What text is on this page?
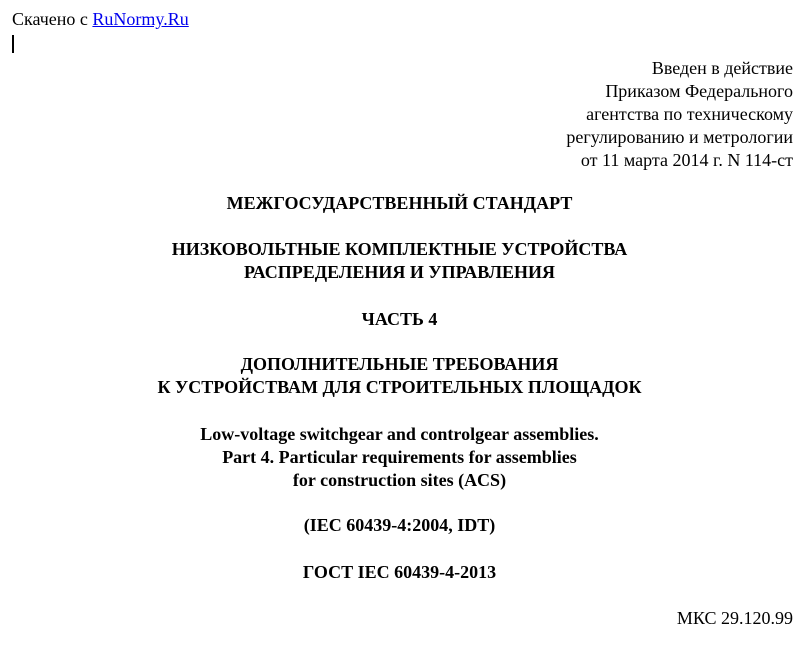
Скачено с RuNormy.Ru
Введен в действие
Приказом Федерального
агентства по техническому
регулированию и метрологии
от 11 марта 2014 г. N 114-ст
МЕЖГОСУДАРСТВЕННЫЙ СТАНДАРТ
НИЗКОВОЛЬТНЫЕ КОМПЛЕКТНЫЕ УСТРОЙСТВА
РАСПРЕДЕЛЕНИЯ И УПРАВЛЕНИЯ
ЧАСТЬ 4
ДОПОЛНИТЕЛЬНЫЕ ТРЕБОВАНИЯ
К УСТРОЙСТВАМ ДЛЯ СТРОИТЕЛЬНЫХ ПЛОЩАДОК
Low-voltage switchgear and controlgear assemblies.
Part 4. Particular requirements for assemblies
for construction sites (ACS)
(IEC 60439-4:2004, IDT)
ГОСТ IEC 60439-4-2013
МКС 29.120.99
